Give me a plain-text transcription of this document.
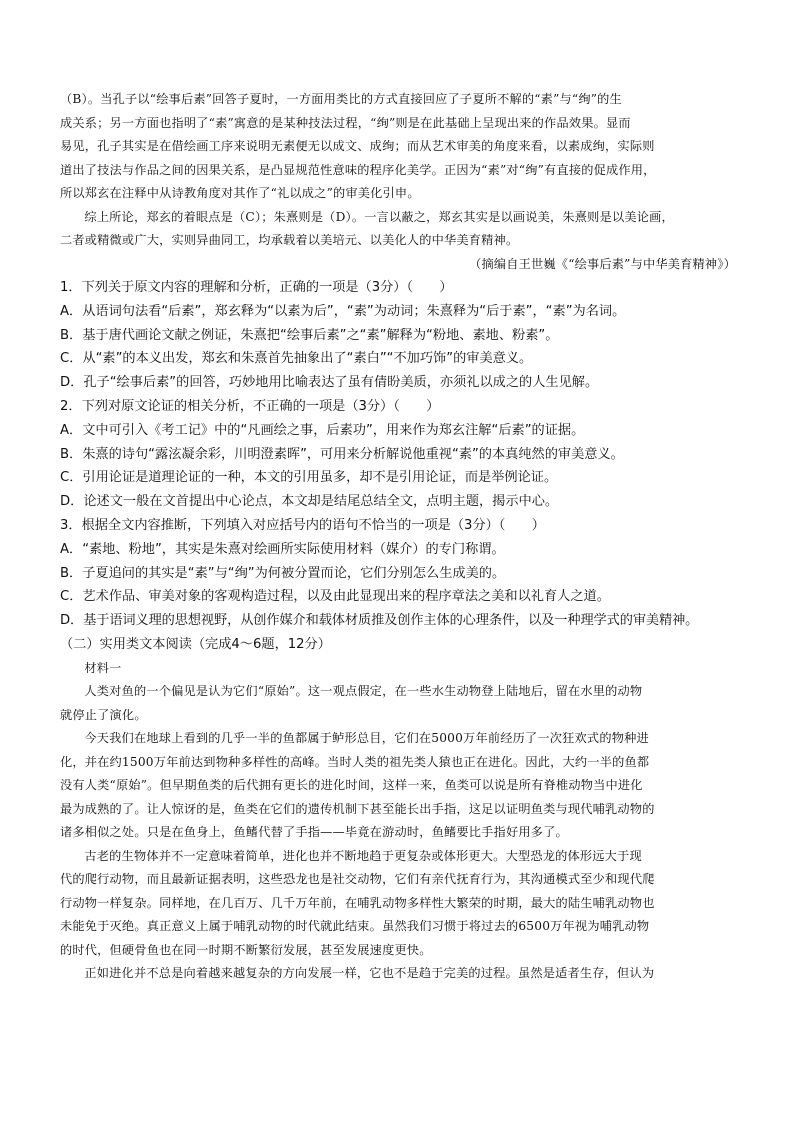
（B）。当孔子以“绘事后素”回答子夏时，一方面用类比的方式直接回应了子夏所不解的“素”与“绚”的生

成关系；另一方面也指明了“素”寓意的是某种技法过程，“绚”则是在此基础上呈现出来的作品效果。显而

易见，孔子其实是在借绘画工序来说明无素便无以成文、成绚；而从艺术审美的角度来看，以素成绚，实际则

道出了技法与作品之间的因果关系，是凸显规范性意味的程序化美学。正因为“素”对“绚”有直接的促成作用，

所以郑玄在注释中从诗教角度对其作了“礼以成之”的审美化引申。

综上所论，郑玄的着眼点是（C）；朱熹则是（D）。一言以蔽之，郑玄其实是以画说美，朱熹则是以美论画，

二者或精微或广大，实则异曲同工，均承载着以美培元、以美化人的中华美育精神。

（摘编自王世巍《“绘事后素”与中华美育精神》）

1．下列关于原文内容的理解和分析，正确的一项是（3分）（　　）

A．从语词句法看“后素”，郑玄释为“以素为后”，“素”为动词；朱熹释为“后于素”，“素”为名词。

B．基于唐代画论文献之例证，朱熹把“绘事后素”之“素”解释为“粉地、素地、粉素”。

C．从“素”的本义出发，郑玄和朱熹首先抽象出了“素白”“不加巧饰”的审美意义。

D．孔子“绘事后素”的回答，巧妙地用比喻表达了虽有倩盼美质，亦须礼以成之的人生见解。

2．下列对原文论证的相关分析，不正确的一项是（3分）（　　）

A．文中可引入《考工记》中的“凡画绘之事，后素功”，用来作为郑玄注解“后素”的证据。

B．朱熹的诗句“露泫凝余彩，川明澄素晖”，可用来分析解说他重视“素”的本真纯然的审美意义。

C．引用论证是道理论证的一种，本文的引用虽多，却不是引用论证，而是举例论证。

D．论述文一般在文首提出中心论点，本文却是结尾总结全文，点明主题，揭示中心。

3．根据全文内容推断，下列填入对应括号内的语句不恰当的一项是（3分）（　　）

A．“素地、粉地”，其实是朱熹对绘画所实际使用材料（媒介）的专门称谓。

B．子夏追问的其实是“素”与“绚”为何被分置而论，它们分别怎么生成美的。

C．艺术作品、审美对象的客观构造过程，以及由此显现出来的程序章法之美和以礼育人之道。

D．基于语词义理的思想视野，从创作媒介和载体材质推及创作主体的心理条件，以及一种理学式的审美精神。

（二）实用类文本阅读（完成4～6题，12分）

材料一

人类对鱼的一个偏见是认为它们“原始”。这一观点假定，在一些水生动物登上陆地后，留在水里的动物

就停止了演化。

今天我们在地球上看到的几乎一半的鱼都属于鲈形总目，它们在5000万年前经历了一次狂欢式的物种进

化，并在约1500万年前达到物种多样性的高峰。当时人类的祖先类人猿也正在进化。因此，大约一半的鱼都

没有人类“原始”。但早期鱼类的后代拥有更长的进化时间，这样一来，鱼类可以说是所有脊椎动物当中进化

最为成熟的了。让人惊讶的是，鱼类在它们的遗传机制下甚至能长出手指，这足以证明鱼类与现代哺乳动物的

诸多相似之处。只是在鱼身上，鱼鳍代替了手指——毕竟在游动时，鱼鳍要比手指好用多了。

古老的生物体并不一定意味着简单，进化也并不断地趋于更复杂或体形更大。大型恐龙的体形远大于现

代的爬行动物，而且最新证据表明，这些恐龙也是社交动物，它们有亲代抚育行为，其沟通模式至少和现代爬

行动物一样复杂。同样地，在几百万、几千万年前，在哺乳动物多样性大繁荣的时期，最大的陆生哺乳动物也

未能免于灭绝。真正意义上属于哺乳动物的时代就此结束。虽然我们习惯于将过去的6500万年视为哺乳动物

的时代，但硬骨鱼也在同一时期不断繁衍发展，甚至发展速度更快。

正如进化并不总是向着越来越复杂的方向发展一样，它也不是趋于完美的过程。虽然是适者生存，但认为
